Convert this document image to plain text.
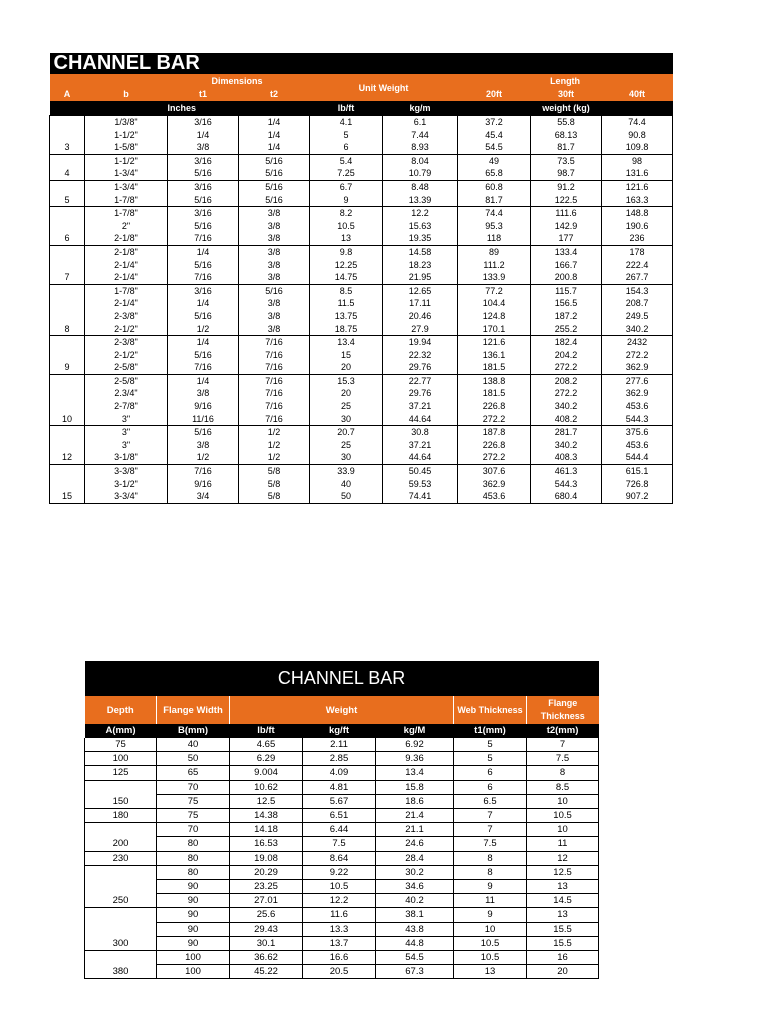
CHANNEL BAR								
		Dimensions		Unit Weight		Length		
A	b	t1	t2			20ft	30ft	40ft
		Inches		lb/ft	kg/m		weight (kg)	
	1/3/8"	3/16	1/4	4.1	6.1	37.2	55.8	74.4
	1-1/2"	1/4	1/4	5	7.44	45.4	68.13	90.8
3	1-5/8"	3/8	1/4	6	8.93	54.5	81.7	109.8
	1-1/2"	3/16	5/16	5.4	8.04	49	73.5	98
4	1-3/4"	5/16	5/16	7.25	10.79	65.8	98.7	131.6
	1-3/4"	3/16	5/16	6.7	8.48	60.8	91.2	121.6
5	1-7/8"	5/16	5/16	9	13.39	81.7	122.5	163.3
	1-7/8"	3/16	3/8	8.2	12.2	74.4	111.6	148.8
	2"	5/16	3/8	10.5	15.63	95.3	142.9	190.6
6	2-1/8"	7/16	3/8	13	19.35	118	177	236
	2-1/8"	1/4	3/8	9.8	14.58	89	133.4	178
	2-1/4"	5/16	3/8	12.25	18.23	111.2	166.7	222.4
7	2-1/4"	7/16	3/8	14.75	21.95	133.9	200.8	267.7
	1-7/8"	3/16	5/16	8.5	12.65	77.2	115.7	154.3
	2-1/4"	1/4	3/8	11.5	17.11	104.4	156.5	208.7
	2-3/8"	5/16	3/8	13.75	20.46	124.8	187.2	249.5
8	2-1/2"	1/2	3/8	18.75	27.9	170.1	255.2	340.2
	2-3/8"	1/4	7/16	13.4	19.94	121.6	182.4	2432
	2-1/2"	5/16	7/16	15	22.32	136.1	204.2	272.2
9	2-5/8"	7/16	7/16	20	29.76	181.5	272.2	362.9
	2-5/8"	1/4	7/16	15.3	22.77	138.8	208.2	277.6
	2.3/4"	3/8	7/16	20	29.76	181.5	272.2	362.9
	2-7/8"	9/16	7/16	25	37.21	226.8	340.2	453.6
10	3"	11/16	7/16	30	44.64	272.2	408.2	544.3
	3"	5/16	1/2	20.7	30.8	187.8	281.7	375.6
	3"	3/8	1/2	25	37.21	226.8	340.2	453.6
12	3-1/8"	1/2	1/2	30	44.64	272.2	408.3	544.4
	3-3/8"	7/16	5/8	33.9	50.45	307.6	461.3	615.1
	3-1/2"	9/16	5/8	40	59.53	362.9	544.3	726.8
15	3-3/4"	3/4	5/8	50	74.41	453.6	680.4	907.2
CHANNEL BAR						
Depth	Flange Width	Weight			Web Thickness	Flange Thickness
A(mm)	B(mm)	lb/ft	kg/ft	kg/M	t1(mm)	t2(mm)
75	40	4.65	2.11	6.92	5	7
100	50	6.29	2.85	9.36	5	7.5
125	65	9.004	4.09	13.4	6	8
	70	10.62	4.81	15.8	6	8.5
150	75	12.5	5.67	18.6	6.5	10
180	75	14.38	6.51	21.4	7	10.5
	70	14.18	6.44	21.1	7	10
200	80	16.53	7.5	24.6	7.5	11
230	80	19.08	8.64	28.4	8	12
	80	20.29	9.22	30.2	8	12.5
	90	23.25	10.5	34.6	9	13
250	90	27.01	12.2	40.2	11	14.5
	90	25.6	11.6	38.1	9	13
	90	29.43	13.3	43.8	10	15.5
300	90	30.1	13.7	44.8	10.5	15.5
	100	36.62	16.6	54.5	10.5	16
380	100	45.22	20.5	67.3	13	20
